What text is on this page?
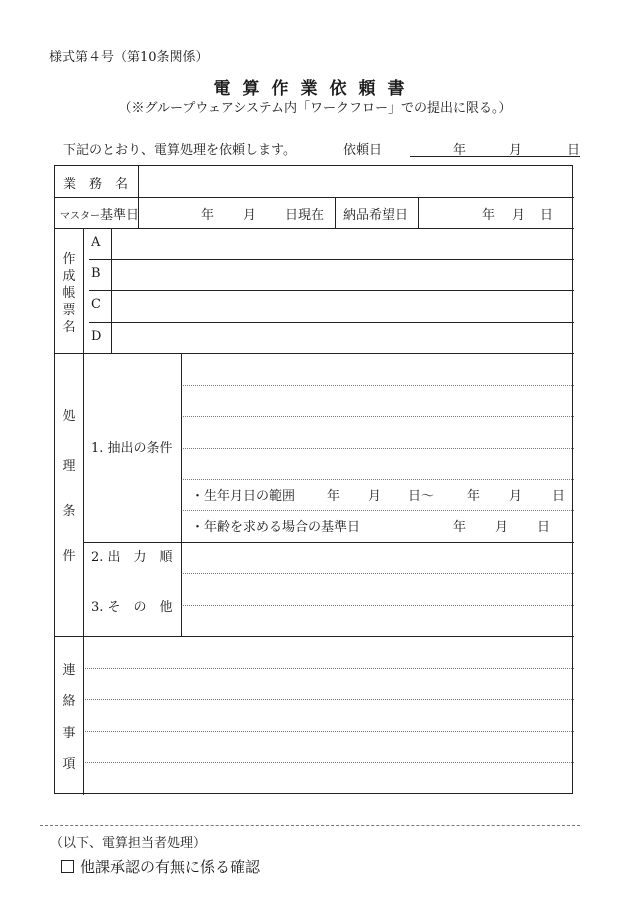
様式第４号（第10条関係）
電算作業依頼書
（※グループウェアシステム内「ワークフロー」での提出に限る。）
下記のとおり、電算処理を依頼します。	依頼日	年	月	日
業　務　名
マスター基準日	年 月 日現在 納品希望日	年 月 日
作
成
帳
票
名
A
B
C
D
処
理
条
件
1. 抽出の条件
・生年月日の範囲 年 月 日～	年 月 日
・年齢を求める場合の基準日	年 月 日
2. 出　力　順
3. そ　の　他
連
絡
事
項
（以下、電算担当者処理）
他課承認の有無に係る確認
